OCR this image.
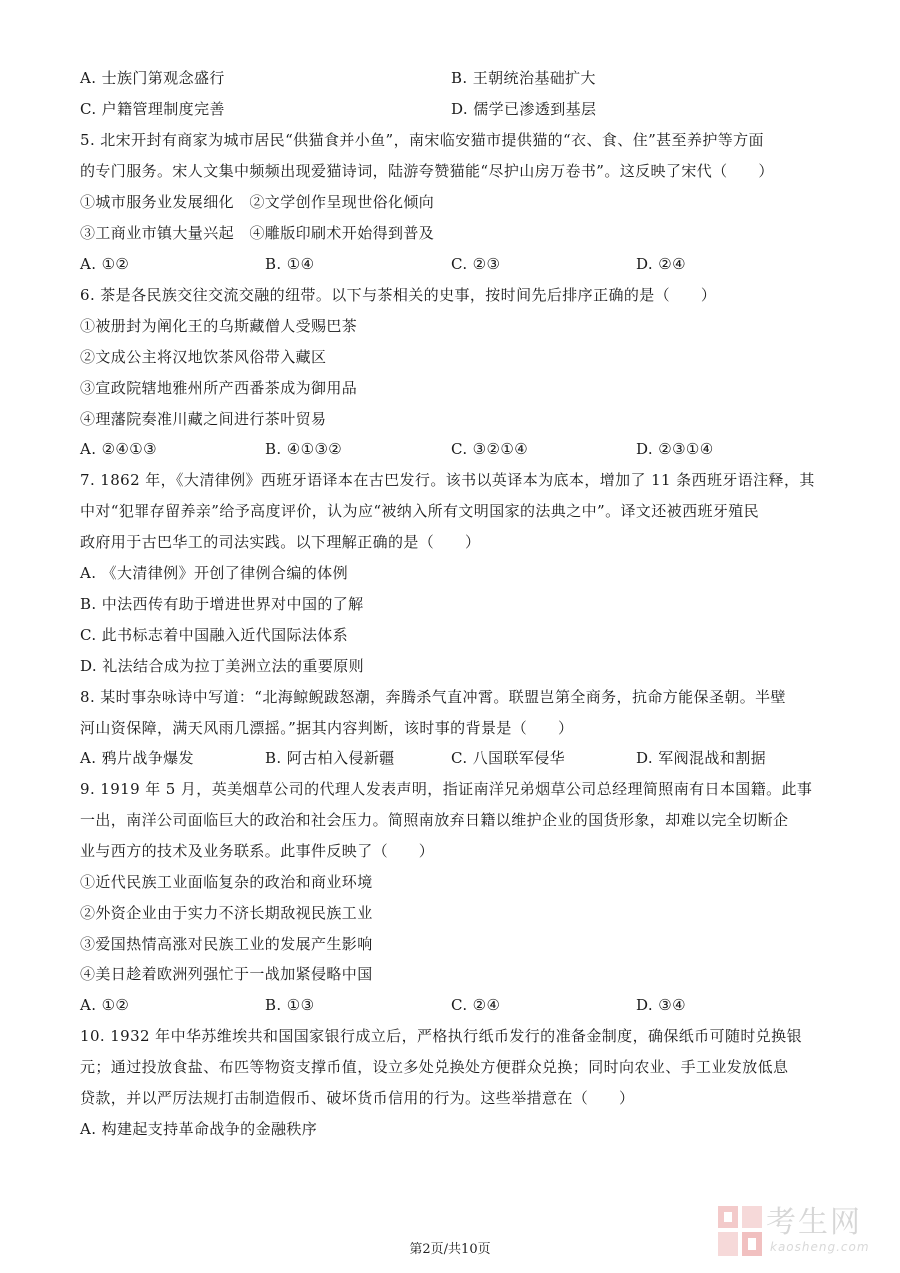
A. 士族门第观念盛行	B. 王朝统治基础扩大
C. 户籍管理制度完善	D. 儒学已渗透到基层
5. 北宋开封有商家为城市居民“供猫食并小鱼”，南宋临安猫市提供猫的“衣、食、住”甚至养护等方面
的专门服务。宋人文集中频频出现爱猫诗词，陆游夸赞猫能“尽护山房万卷书”。这反映了宋代（　　）
①城市服务业发展细化　②文学创作呈现世俗化倾向
③工商业市镇大量兴起　④雕版印刷术开始得到普及
A. ①②	B. ①④	C. ②③	D. ②④
6. 茶是各民族交往交流交融的纽带。以下与茶相关的史事，按时间先后排序正确的是（　　）
①被册封为阐化王的乌斯藏僧人受赐巴茶
②文成公主将汉地饮茶风俗带入藏区
③宣政院辖地雅州所产西番茶成为御用品
④理藩院奏准川藏之间进行茶叶贸易
A. ②④①③	B. ④①③②	C. ③②①④	D. ②③①④
7. 1862 年，《大清律例》西班牙语译本在古巴发行。该书以英译本为底本，增加了 11 条西班牙语注释，其
中对“犯罪存留养亲”给予高度评价，认为应“被纳入所有文明国家的法典之中”。译文还被西班牙殖民
政府用于古巴华工的司法实践。以下理解正确的是（　　）
A. 《大清律例》开创了律例合编的体例
B. 中法西传有助于增进世界对中国的了解
C. 此书标志着中国融入近代国际法体系
D. 礼法结合成为拉丁美洲立法的重要原则
8. 某时事杂咏诗中写道：“北海鲸鲵跋怒潮，奔腾杀气直冲霄。联盟岂第全商务，抗命方能保圣朝。半壁
河山资保障，满天风雨几漂摇。”据其内容判断，该时事的背景是（　　）
A. 鸦片战争爆发	B. 阿古柏入侵新疆	C. 八国联军侵华	D. 军阀混战和割据
9. 1919 年 5 月，英美烟草公司的代理人发表声明，指证南洋兄弟烟草公司总经理简照南有日本国籍。此事
一出，南洋公司面临巨大的政治和社会压力。简照南放弃日籍以维护企业的国货形象，却难以完全切断企
业与西方的技术及业务联系。此事件反映了（　　）
①近代民族工业面临复杂的政治和商业环境
②外资企业由于实力不济长期敌视民族工业
③爱国热情高涨对民族工业的发展产生影响
④美日趁着欧洲列强忙于一战加紧侵略中国
A. ①②	B. ①③	C. ②④	D. ③④
10. 1932 年中华苏维埃共和国国家银行成立后，严格执行纸币发行的准备金制度，确保纸币可随时兑换银
元；通过投放食盐、布匹等物资支撑币值，设立多处兑换处方便群众兑换；同时向农业、手工业发放低息
贷款，并以严厉法规打击制造假币、破坏货币信用的行为。这些举措意在（　　）
A. 构建起支持革命战争的金融秩序
考生网
kaosheng.com
第2页/共10页
